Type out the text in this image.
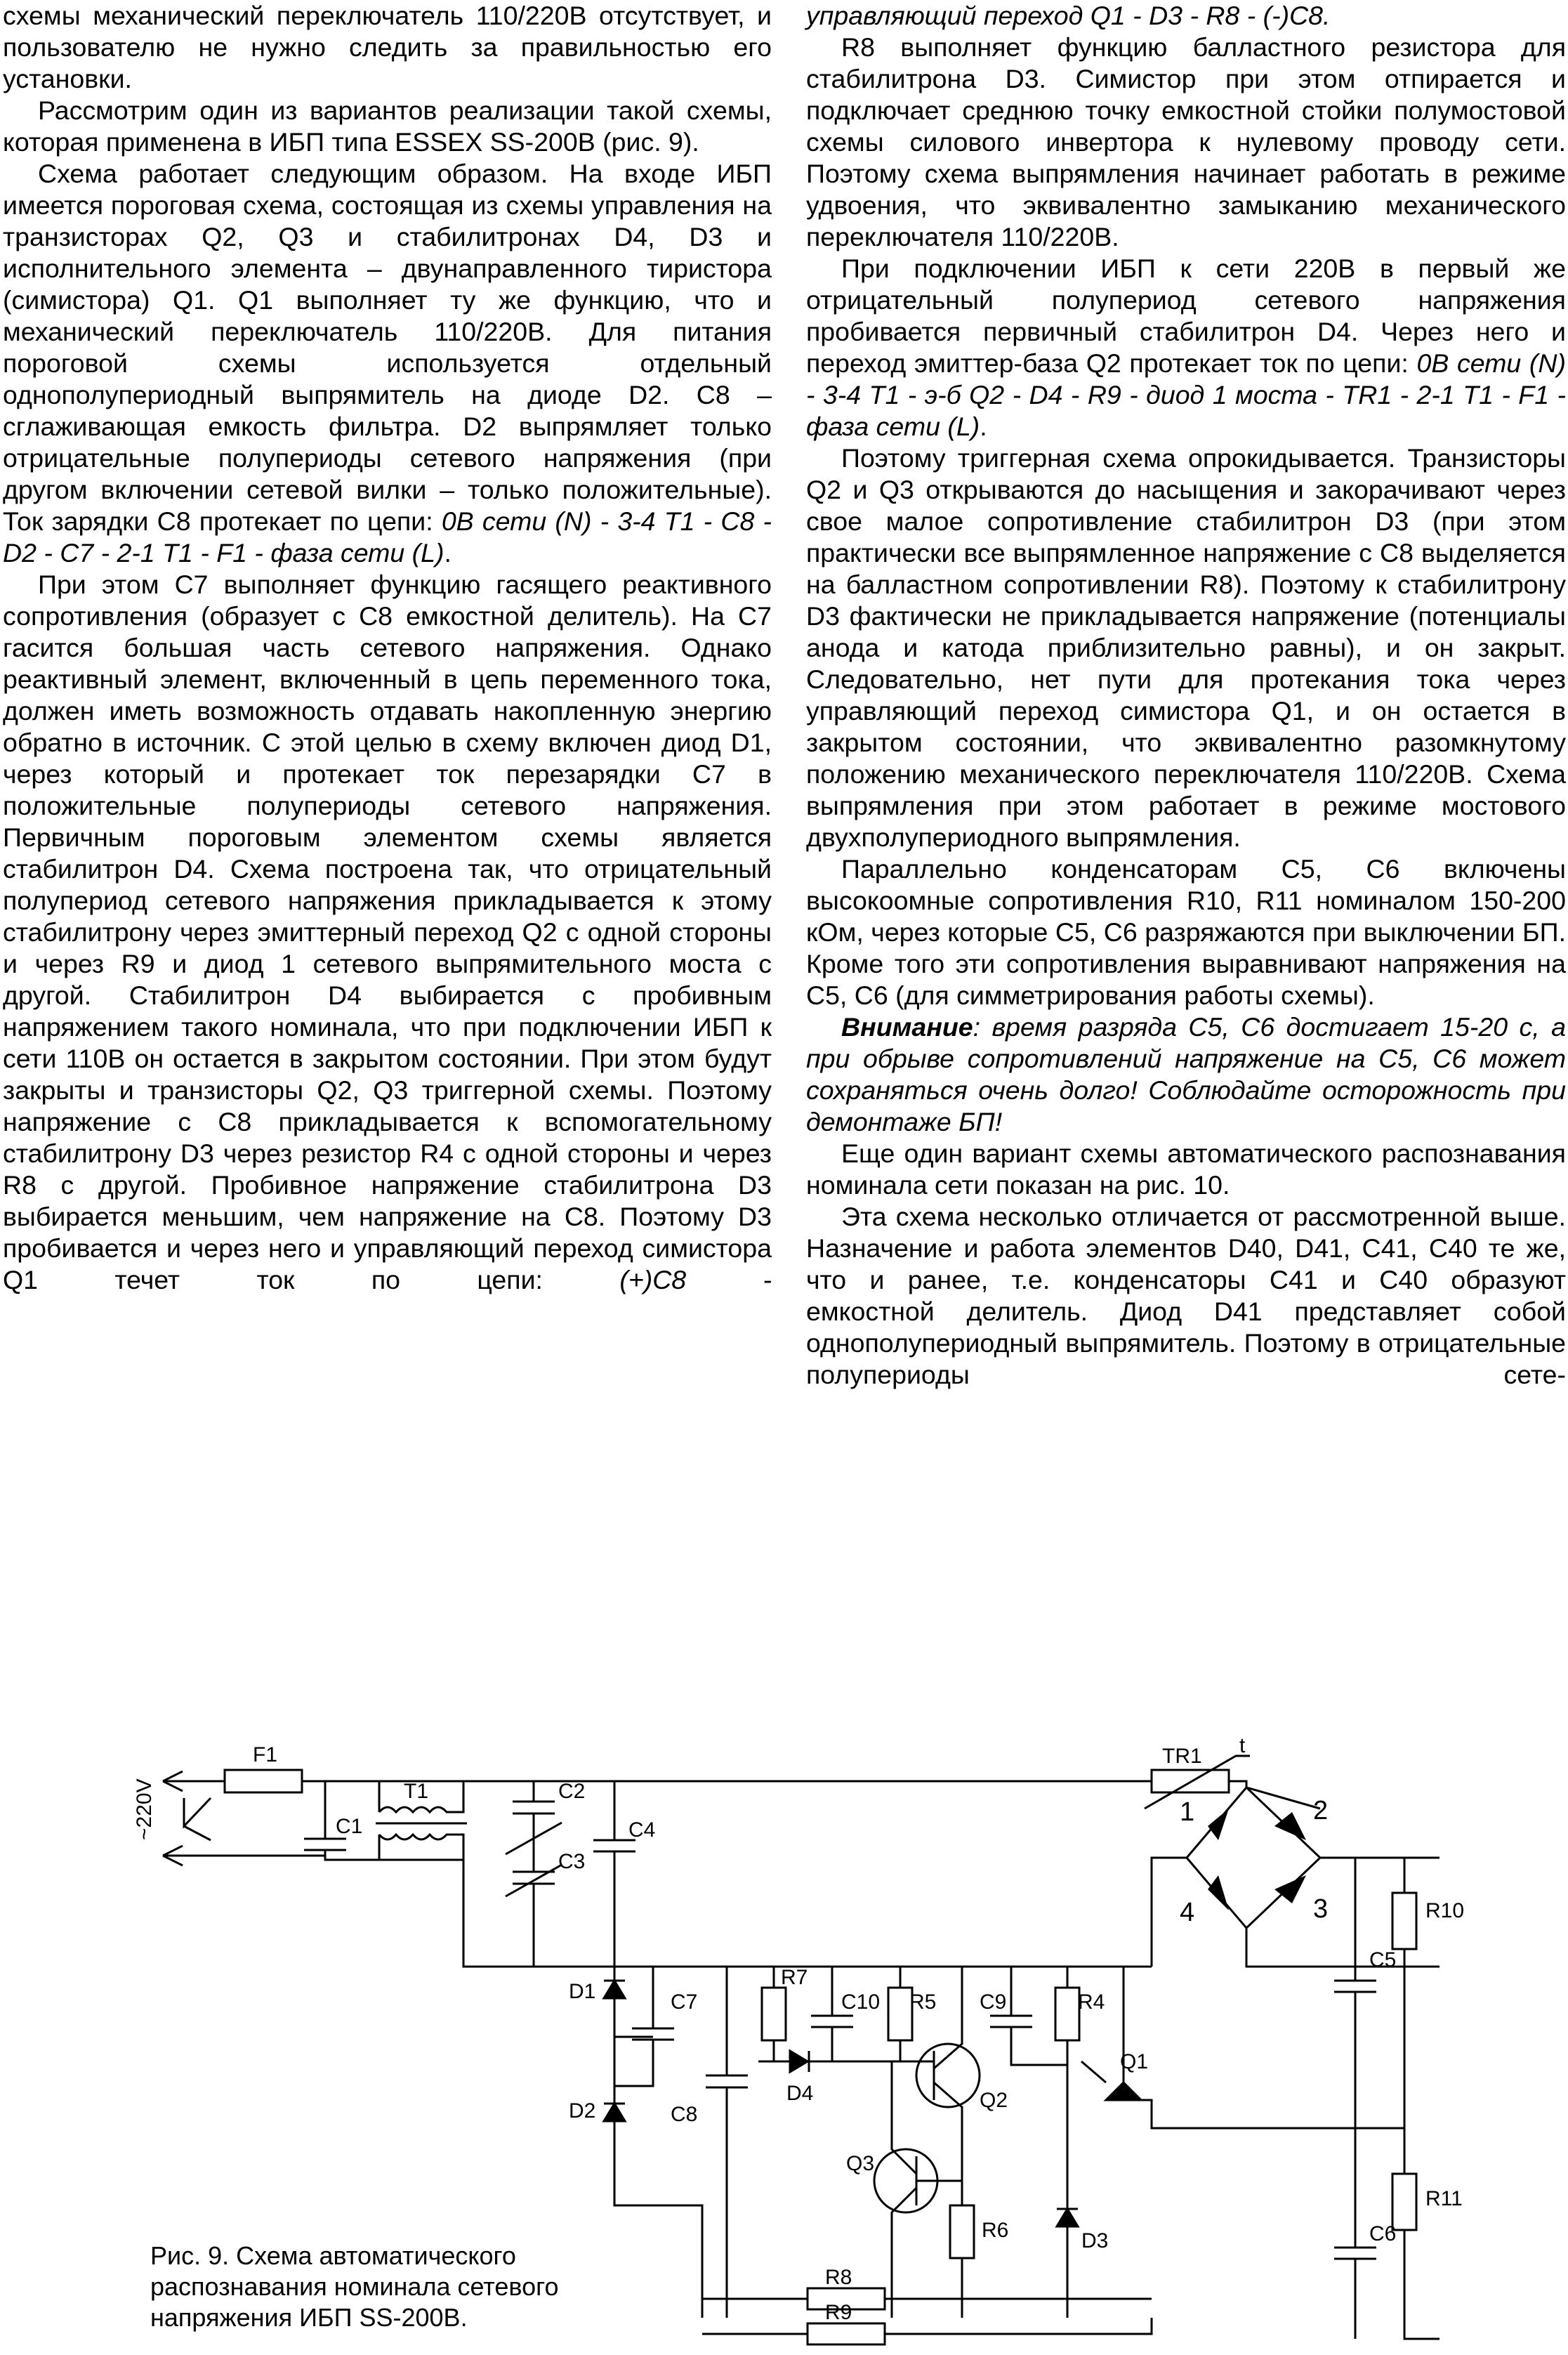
схемы механический переключатель 110/220В отсутствует, и пользователю не нужно следить за правильностью его установки.

Рассмотрим один из вариантов реализации такой схемы, которая применена в ИБП типа ESSEX SS-200B (рис. 9).

Схема работает следующим образом. На входе ИБП имеется пороговая схема, состоящая из схемы управления на транзисторах Q2, Q3 и стабилитронах D4, D3 и исполнительного элемента – двунаправленного тиристора (симистора) Q1. Q1 выполняет ту же функцию, что и механический переключатель 110/220В. Для питания пороговой схемы используется отдельный однополупериодный выпрямитель на диоде D2. C8 – сглаживающая емкость фильтра. D2 выпрямляет только отрицательные полупериоды сетевого напряжения (при другом включении сетевой вилки – только положительные). Ток зарядки C8 протекает по цепи: 0В сети (N) - 3-4 T1 - C8 - D2 - C7 - 2-1 T1 - F1 - фаза сети (L).

При этом C7 выполняет функцию гасящего реактивного сопротивления (образует с C8 емкостной делитель). На C7 гасится большая часть сетевого напряжения. Однако реактивный элемент, включенный в цепь переменного тока, должен иметь возможность отдавать накопленную энергию обратно в источник. С этой целью в схему включен диод D1, через который и протекает ток перезарядки C7 в положительные полупериоды сетевого напряжения. Первичным пороговым элементом схемы является стабилитрон D4. Схема построена так, что отрицательный полупериод сетевого напряжения прикладывается к этому стабилитрону через эмиттерный переход Q2 с одной стороны и через R9 и диод 1 сетевого выпрямительного моста с другой. Стабилитрон D4 выбирается с пробивным напряжением такого номинала, что при подключении ИБП к сети 110В он остается в закрытом состоянии. При этом будут закрыты и транзисторы Q2, Q3 триггерной схемы. Поэтому напряжение с C8 прикладывается к вспомогательному стабилитрону D3 через резистор R4 с одной стороны и через R8 с другой. Пробивное напряжение стабилитрона D3 выбирается меньшим, чем напряжение на C8. Поэтому D3 пробивается и через него и управляющий переход симистора Q1 течет ток по цепи: (+)C8 -

управляющий переход Q1 - D3 - R8 - (-)C8.

R8 выполняет функцию балластного резистора для стабилитрона D3. Симистор при этом отпирается и подключает среднюю точку емкостной стойки полумостовой схемы силового инвертора к нулевому проводу сети. Поэтому схема выпрямления начинает работать в режиме удвоения, что эквивалентно замыканию механического переключателя 110/220В.

При подключении ИБП к сети 220В в первый же отрицательный полупериод сетевого напряжения пробивается первичный стабилитрон D4. Через него и переход эмиттер-база Q2 протекает ток по цепи: 0В сети (N) - 3-4 T1 - э-б Q2 - D4 - R9 - диод 1 моста - TR1 - 2-1 T1 - F1 - фаза сети (L).

Поэтому триггерная схема опрокидывается. Транзисторы Q2 и Q3 открываются до насыщения и закорачивают через свое малое сопротивление стабилитрон D3 (при этом практически все выпрямленное напряжение с C8 выделяется на балластном сопротивлении R8). Поэтому к стабилитрону D3 фактически не прикладывается напряжение (потенциалы анода и катода приблизительно равны), и он закрыт. Следовательно, нет пути для протекания тока через управляющий переход симистора Q1, и он остается в закрытом состоянии, что эквивалентно разомкнутому положению механического переключателя 110/220В. Схема выпрямления при этом работает в режиме мостового двухполупериодного выпрямления.

Параллельно конденсаторам C5, C6 включены высокоомные сопротивления R10, R11 номиналом 150-200 кОм, через которые C5, C6 разряжаются при выключении БП. Кроме того эти сопротивления выравнивают напряжения на C5, C6 (для симметрирования работы схемы).

Внимание: время разряда C5, C6 достигает 15-20 с, а при обрыве сопротивлений напряжение на C5, C6 может сохраняться очень долго! Соблюдайте осторожность при демонтаже БП!

Еще один вариант схемы автоматического распознавания номинала сети показан на рис. 10.

Эта схема несколько отличается от рассмотренной выше. Назначение и работа элементов D40, D41, C41, C40 те же, что и ранее, т.е. конденсаторы C41 и C40 образуют емкостной делитель. Диод D41 представляет собой однополупериодный выпрямитель. Поэтому в отрицательные полупериоды сете-

F1
~220V	C1
T1	C2
C3
C4
TR1 t
1	2
3
4	R10
C5
R11
C6
D1	C7
D2	C8
R7
C10 R5 C9	R4
Q1
D4	Q2
Q3
R6	D3
R8
R9
Рис. 9. Схема автоматического
распознавания номинала сетевого
напряжения ИБП SS-200B.
